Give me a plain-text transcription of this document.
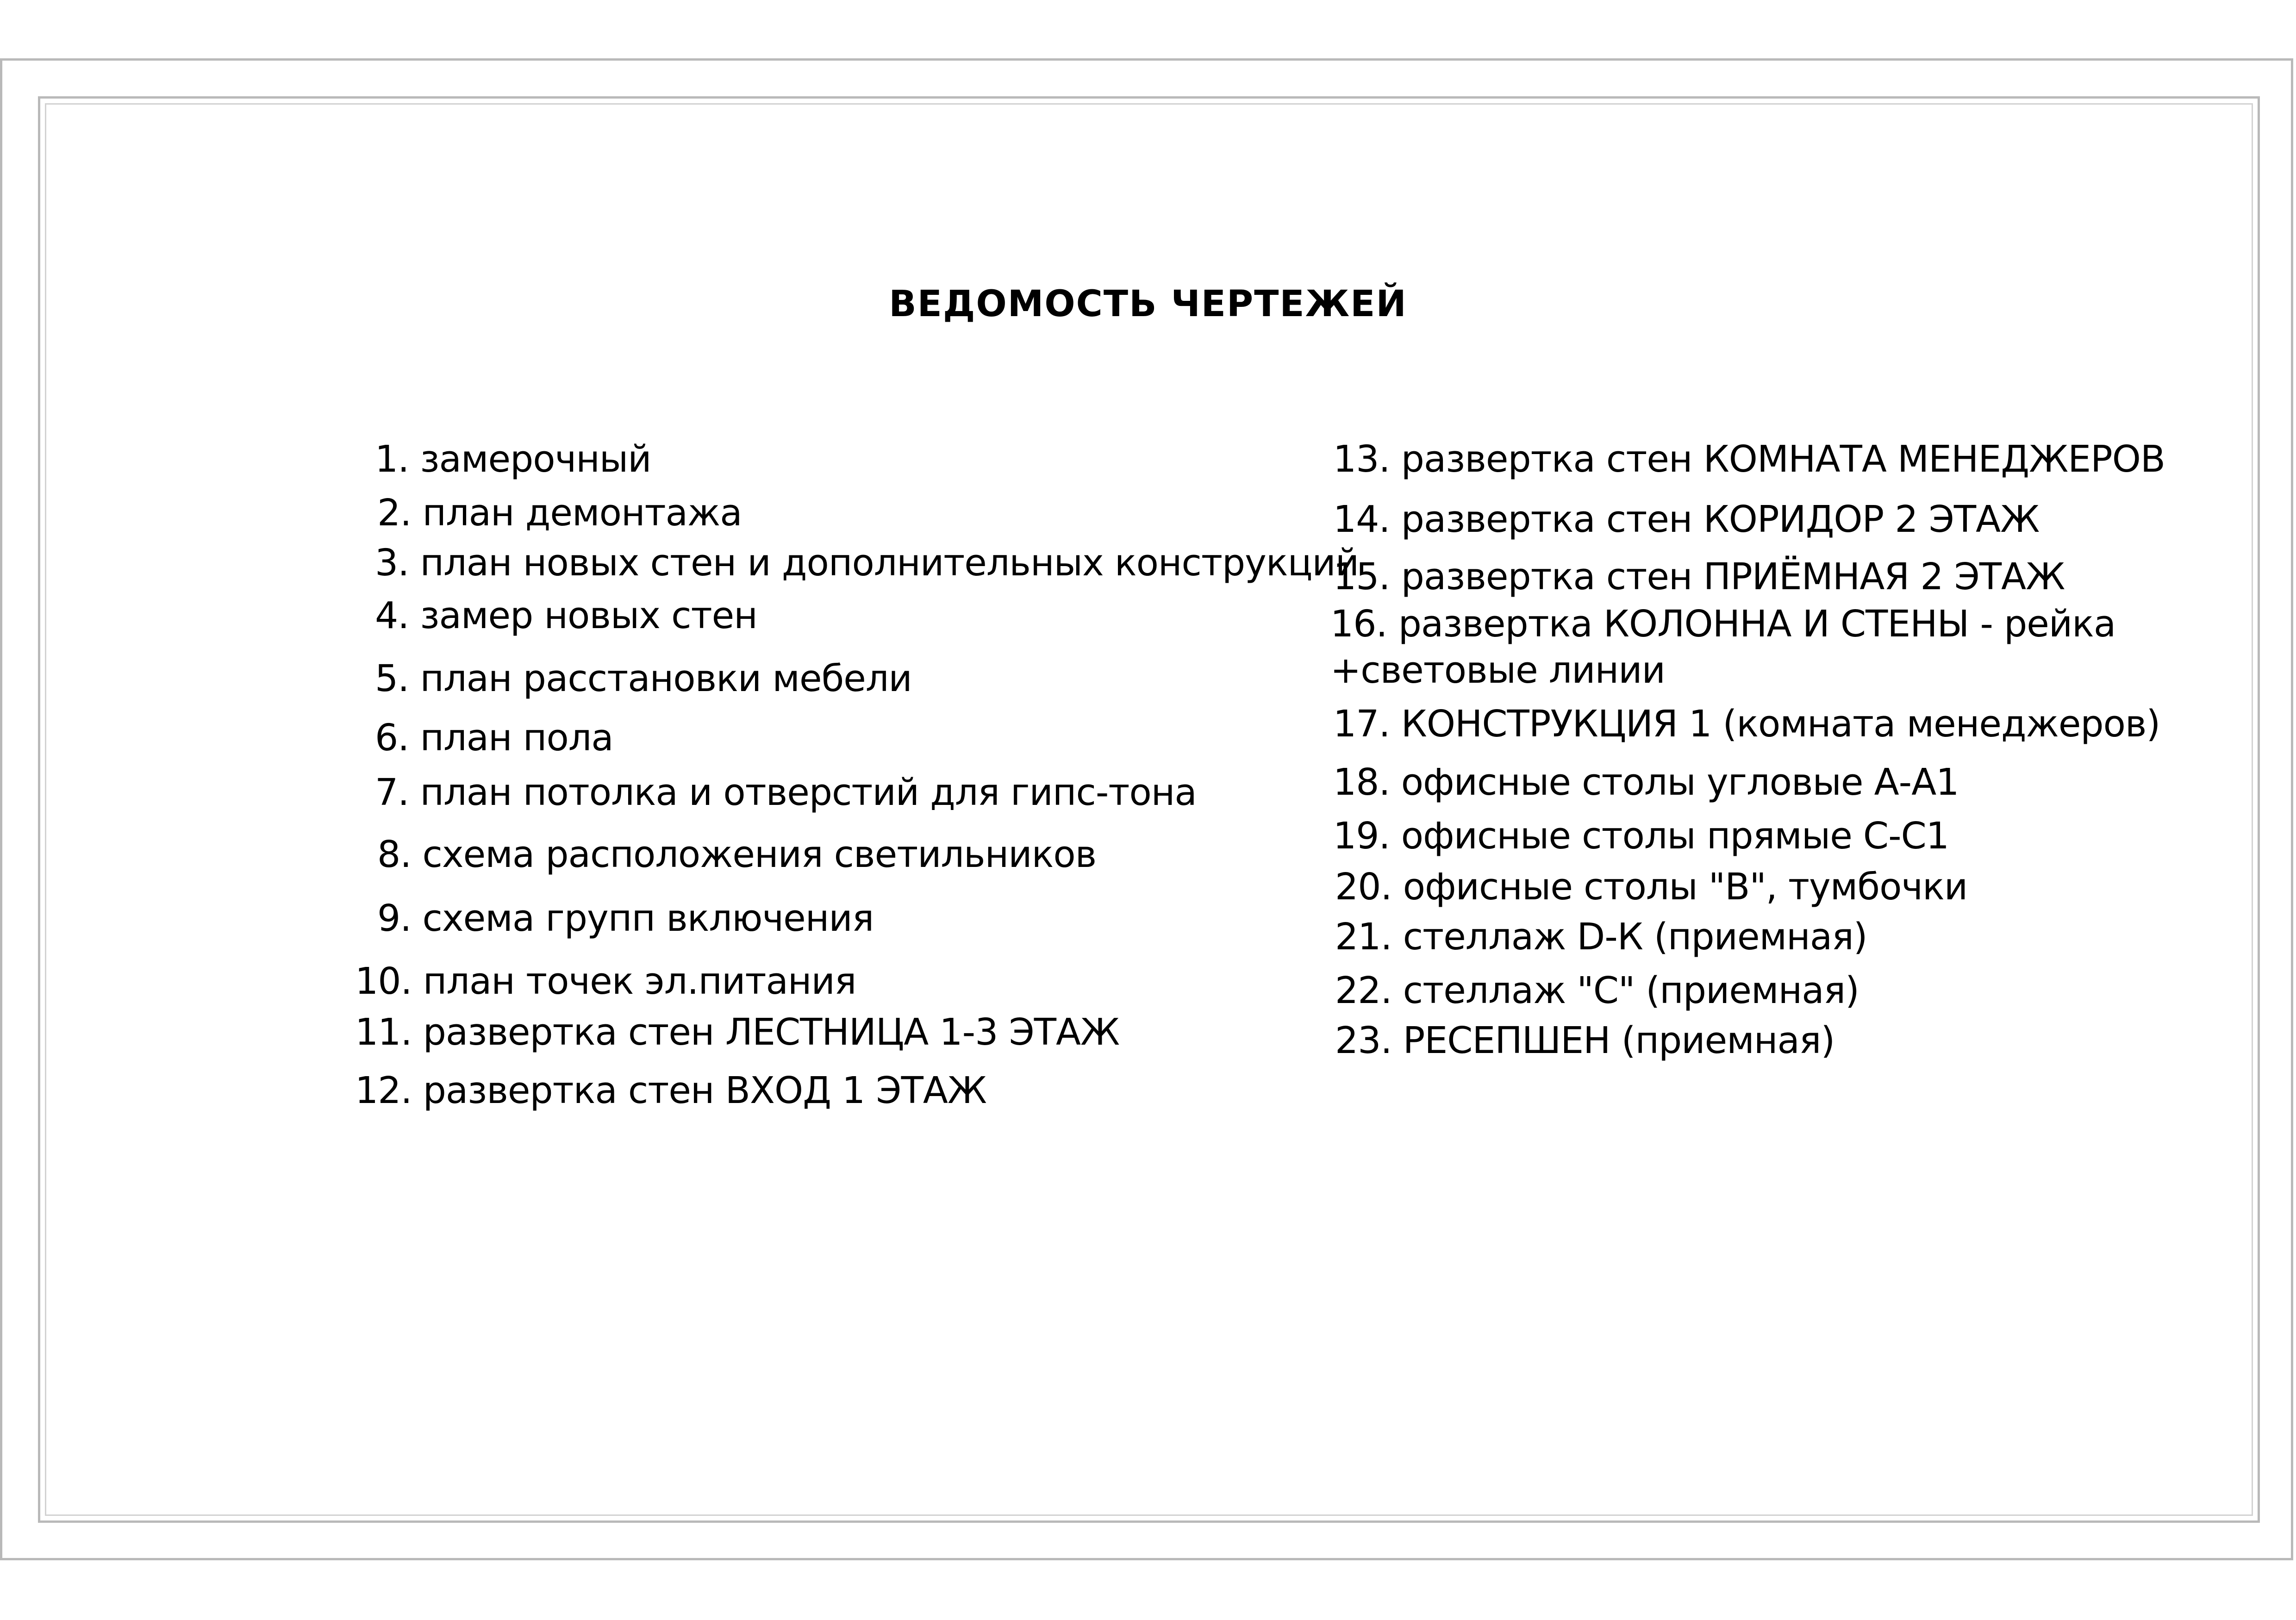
ВЕДОМОСТЬ ЧЕРТЕЖЕЙ
1. замерочный
2. план демонтажа
3. план новых стен и дополнительных конструкций
4. замер новых стен
5. план расстановки мебели
6. план пола
7. план потолка и отверстий для гипс-тона
8. схема расположения светильников
9. схема групп включения
10. план точек эл.питания
11. развертка стен ЛЕСТНИЦА 1-3 ЭТАЖ
12. развертка стен ВХОД 1 ЭТАЖ
13. развертка стен КОМНАТА МЕНЕДЖЕРОВ
14. развертка стен КОРИДОР 2 ЭТАЖ
15. развертка стен ПРИЁМНАЯ 2 ЭТАЖ
16. развертка КОЛОННА И СТЕНЫ - рейка
+световые линии
17. КОНСТРУКЦИЯ 1 (комната менеджеров)
18. офисные столы угловые А-А1
19. офисные столы прямые С-С1
20. офисные столы "В", тумбочки
21. стеллаж D-К (приемная)
22. стеллаж "С" (приемная)
23. РЕСЕПШЕН (приемная)
